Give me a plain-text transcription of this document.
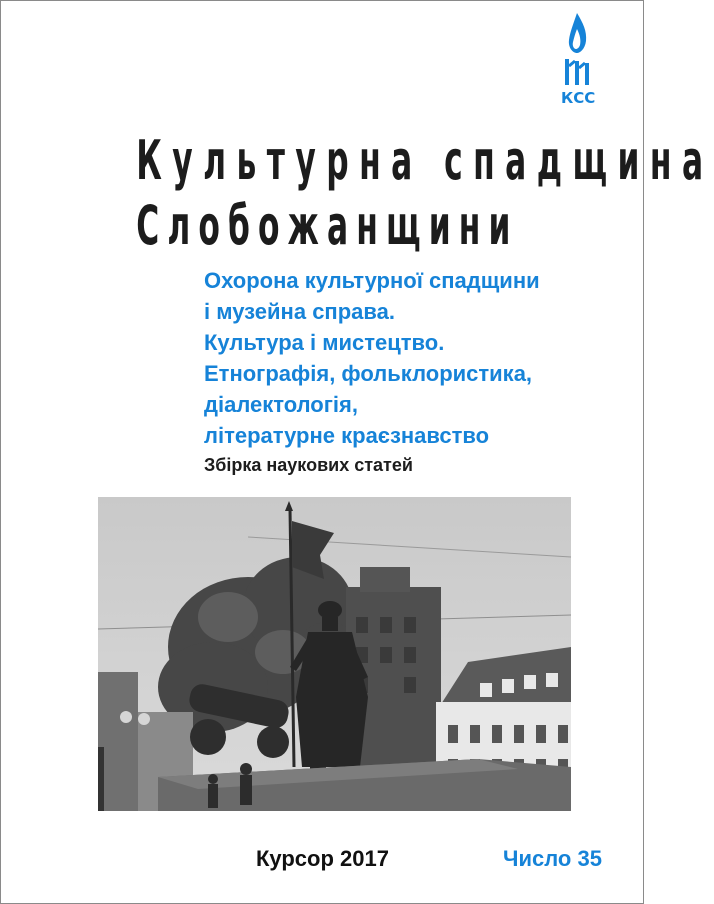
КСС
Культурна спадщина
Слобожанщини
Охорона культурної спадщини
і музейна справа.
Культура і мистецтво.
Етнографія, фольклористика,
діалектологія,
літературне краєзнавство
Збірка наукових статей
Курсор 2017	Число 35
